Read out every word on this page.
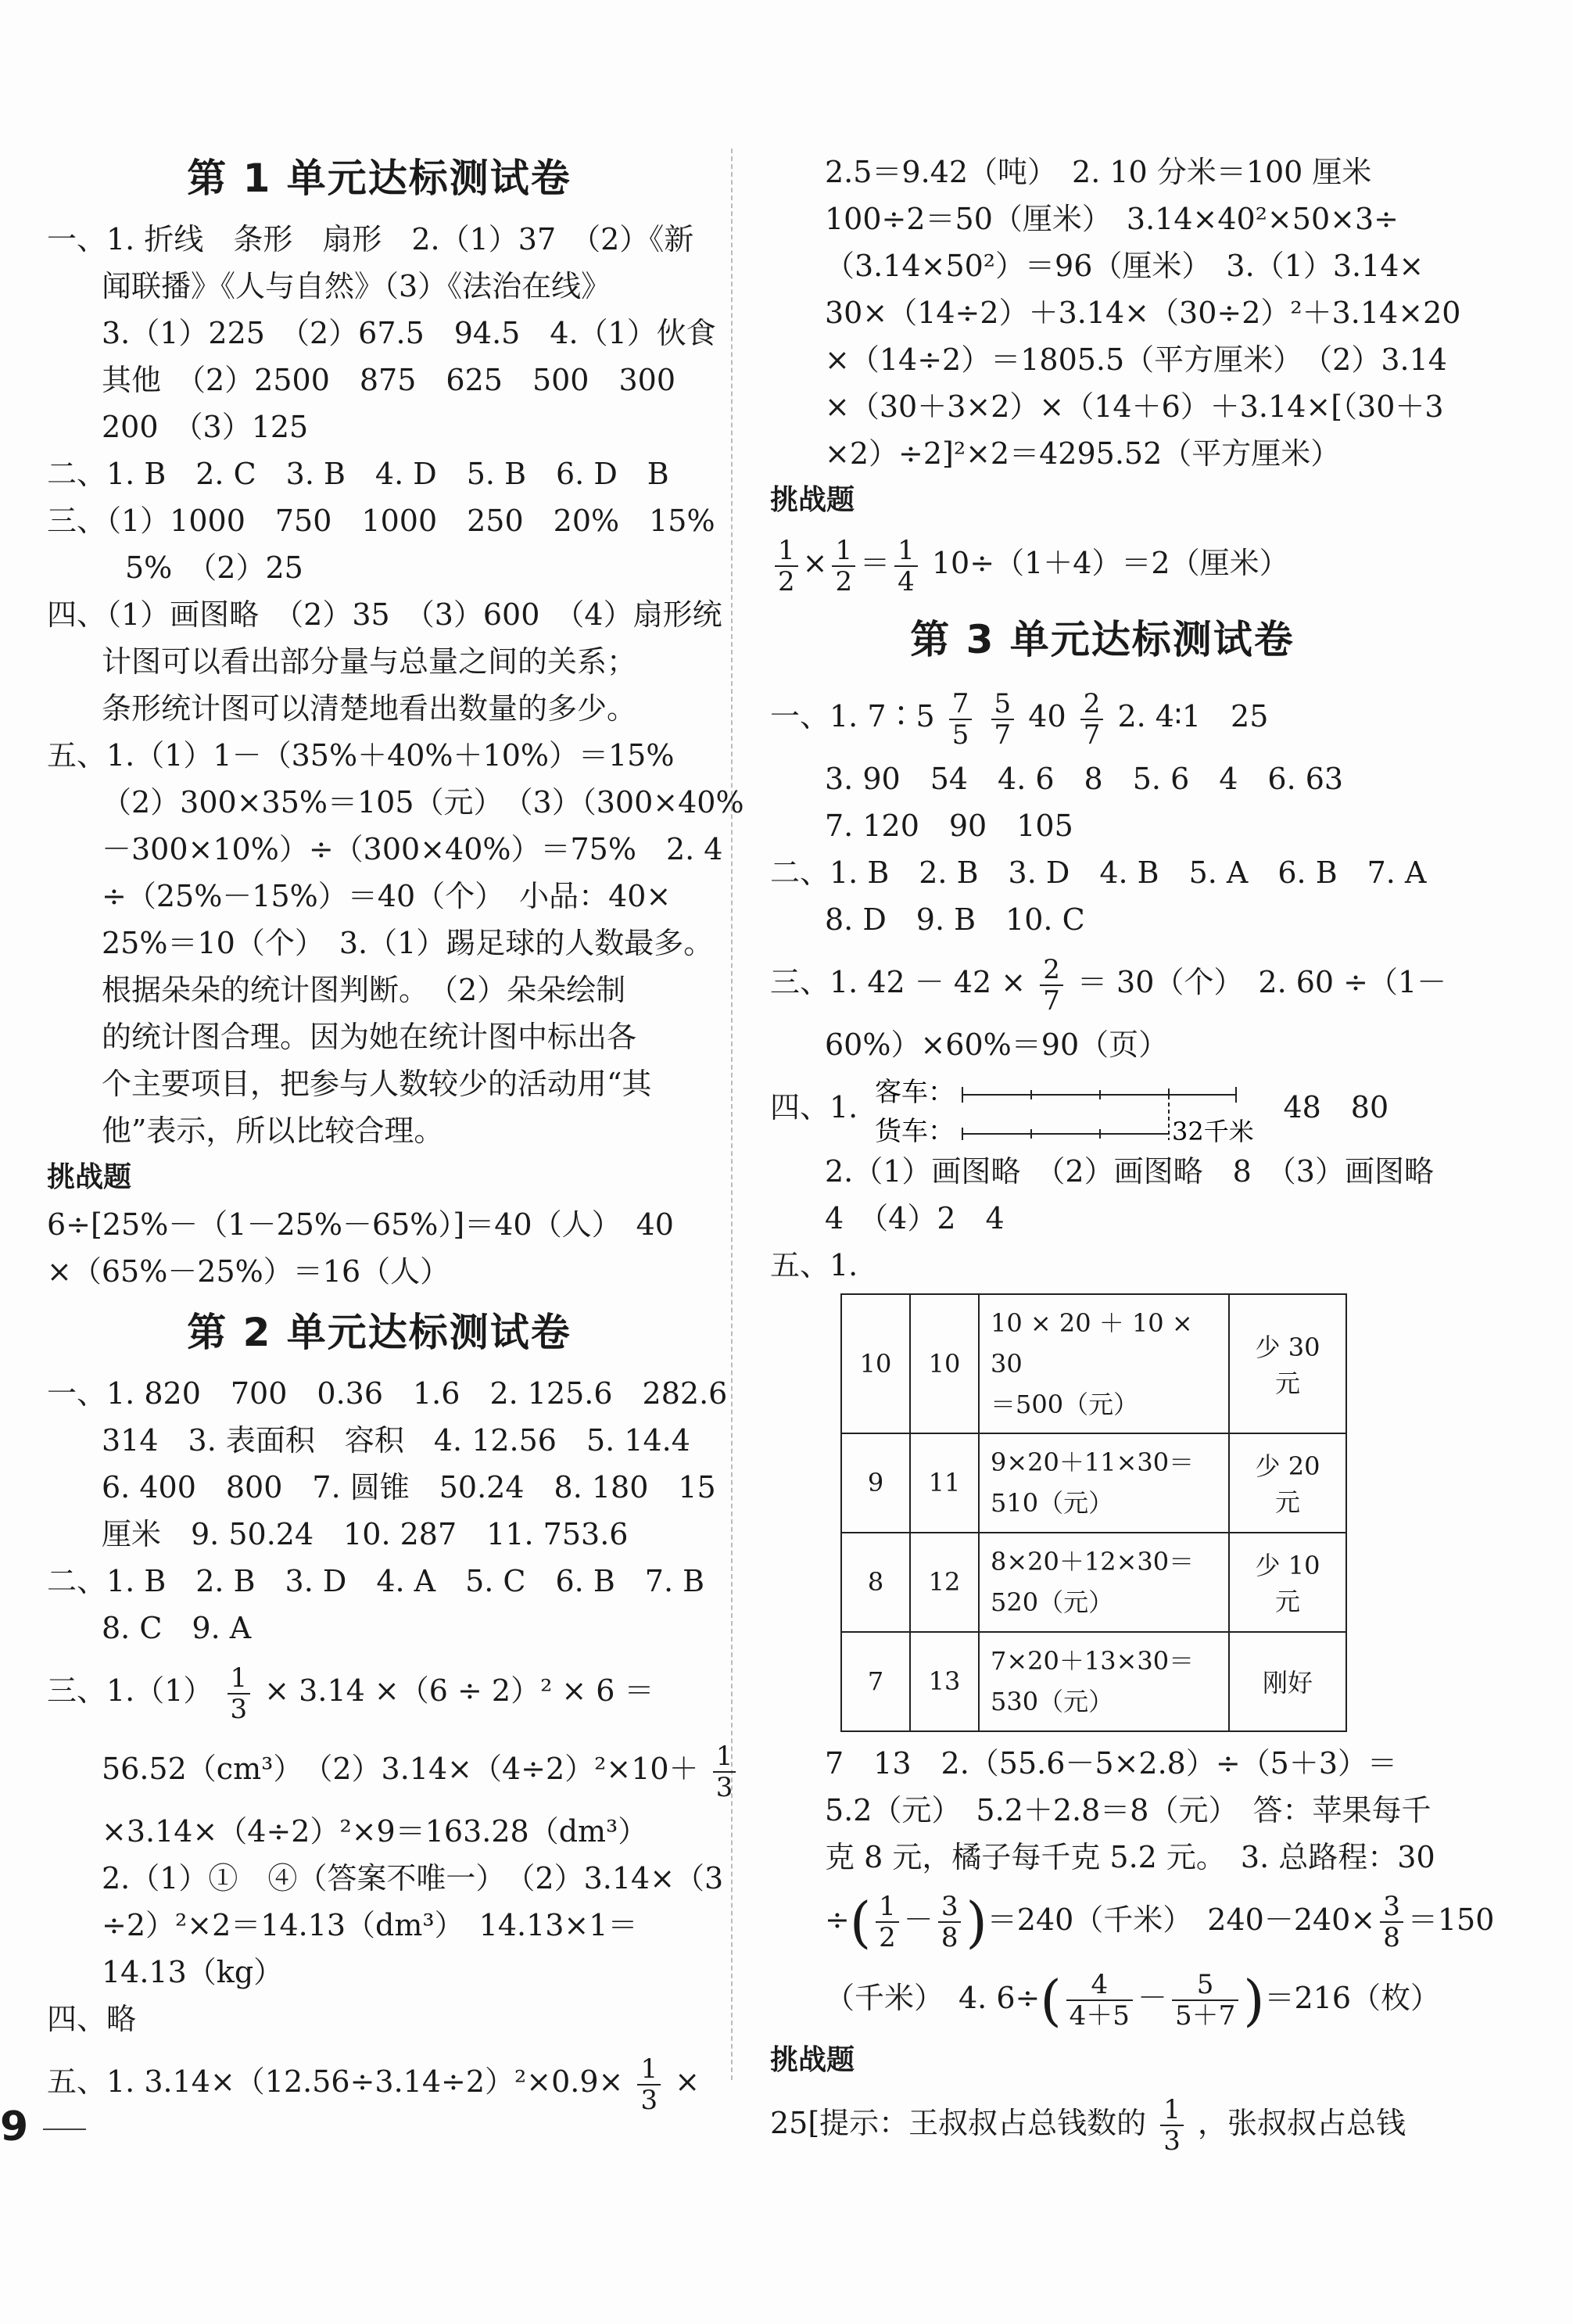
第 1 单元达标测试卷

一、1. 折线　条形　扇形　2.（1）37　（2）《新

闻联播》《人与自然》（3）《法治在线》

3.（1）225　（2）67.5　94.5　4.（1）伙食

其他　（2）2500　875　625　500　300

200　（3）125

二、1. B　2. C　3. B　4. D　5. B　6. D　B

三、（1）1000　750　1000　250　20%　15%

5%　（2）25

四、（1）画图略　（2）35　（3）600　（4）扇形统

计图可以看出部分量与总量之间的关系；

条形统计图可以清楚地看出数量的多少。

五、1.（1）1－（35%＋40%＋10%）＝15%

（2）300×35%＝105（元）　（3）（300×40%

－300×10%）÷（300×40%）＝75%　2. 4

÷（25%－15%）＝40（个）　小品：40×

25%＝10（个）　3.（1）踢足球的人数最多。

根据朵朵的统计图判断。　（2）朵朵绘制

的统计图合理。因为她在统计图中标出各

个主要项目，把参与人数较少的活动用“其

他”表示，所以比较合理。

挑战题

6÷[25%－（1－25%－65%）]＝40（人）　40

×（65%－25%）＝16（人）

第 2 单元达标测试卷

一、1. 820　700　0.36　1.6　2. 125.6　282.6

314　3. 表面积　容积　4. 12.56　5. 14.4

6. 400　800　7. 圆锥　50.24　8. 180　15

厘米　9. 50.24　10. 287　11. 753.6

二、1. B　2. B　3. D　4. A　5. C　6. B　7. B

8. C　9. A

三、$1.(1) \frac{1}{3} \times 3.14 \times(6 \div 2)^2 \times 6$ ＝

56.52（cm³）　$(2)3.14\times(4\div 2)^2\times 10+ \frac{1}{3}$

×3.14×（4÷2）²×9＝163.28（dm³）

2.（1）①　④（答案不唯一）　（2）3.14×（3

÷2）²×2＝14.13（dm³）　14.13×1＝

14.13（kg）

四、略

五、1. $3.14\times(12.56\div 3.14\div 2)^2\times 0.9\times \frac{1}{3}$ ×

2.5＝9.42（吨）　2. 10 分米＝100 厘米

100÷2＝50（厘米）　3.14×40²×50×3÷

（3.14×50²）＝96（厘米）　3.（1）3.14×

30×（14÷2）＋3.14×（30÷2）²＋3.14×20

×（14÷2）＝1805.5（平方厘米）　（2）3.14

×（30＋3×2）×（14＋6）＋3.14×[（30＋3

×2）÷2]²×2＝4295.52（平方厘米）

挑战题

$\frac{1}{2} \times \frac{1}{2} = \frac{1}{4} 10\div(1+4)=2$（厘米）

第 3 单元达标测试卷

一、1. 7∶5 $\frac{7}{5}$
$\frac{5}{7} 40 \frac{2}{7} 2$. 4∶1　25

3. 90　54　4. 6　8　5. 6　4　6. 63

7. 120　90　105

二、1. B　2. B　3. D　4. B　5. A　6. B　7. A

8. D　9. B　10. C

三、1. $42 - 42 \times \frac{2}{7} = 30$（个）　2. 60 ÷（1－

60%）×60%＝90（页）

四、1. 客车：
货车：	32千米
48　80

2.（1）画图略　（2）画图略　8　（3）画图略

4　（4）2　4

五、1.

10	10	10 × 20 ＋ 10 × 30
＝500（元）	少 30 元
9	11	9×20＋11×30＝
510（元）	少 20 元
8	12	8×20＋12×30＝
520（元）	少 10 元
7	13	7×20＋13×30＝
530（元）	刚好

7　13　2.（55.6－5×2.8）÷（5＋3）＝

5.2（元）　5.2＋2.8＝8（元）　答：苹果每千

克 8 元，橘子每千克 5.2 元。　3. 总路程：30

÷( $\frac{1}{2} - \frac{3}{8} )=240$（千米）　$240-240\times \frac{3}{8} =150$

（千米）　4. $6\div( \frac{4}{4+5} - \frac{5}{5+7} )=216$（枚）

挑战题

25[提示：王叔叔占总钱数的 $\frac{1}{3}$ ，张叔叔占总钱

9
